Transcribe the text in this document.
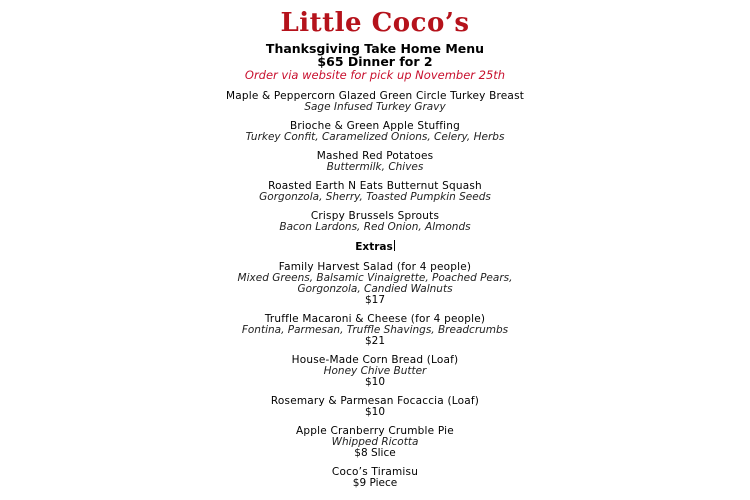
Little Coco’s
Thanksgiving Take Home Menu
$65 Dinner for 2
Order via website for pick up November 25th
Maple & Peppercorn Glazed Green Circle Turkey Breast
Sage Infused Turkey Gravy
Brioche & Green Apple Stuffing
Turkey Confit, Caramelized Onions, Celery, Herbs
Mashed Red Potatoes
Buttermilk, Chives
Roasted Earth N Eats Butternut Squash
Gorgonzola, Sherry, Toasted Pumpkin Seeds
Crispy Brussels Sprouts
Bacon Lardons, Red Onion, Almonds
Extras
Family Harvest Salad (for 4 people)
Mixed Greens, Balsamic Vinaigrette, Poached Pears,
Gorgonzola, Candied Walnuts
$17
Truffle Macaroni & Cheese (for 4 people)
Fontina, Parmesan, Truffle Shavings, Breadcrumbs
$21
House-Made Corn Bread (Loaf)
Honey Chive Butter
$10
Rosemary & Parmesan Focaccia (Loaf)
$10
Apple Cranberry Crumble Pie
Whipped Ricotta
$8 Slice
Coco’s Tiramisu
$9 Piece
